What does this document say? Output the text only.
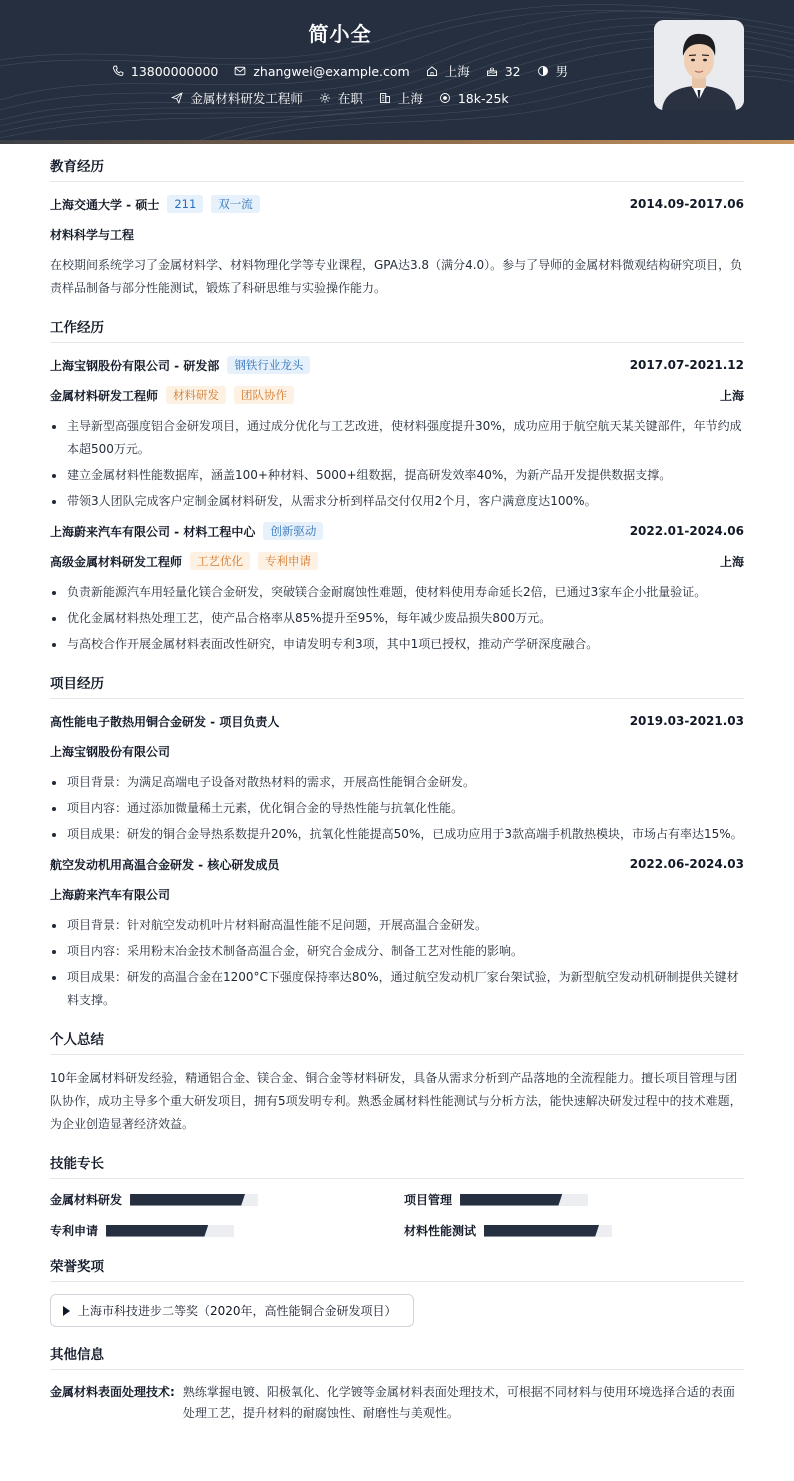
简小全
13800000000
	zhangwei@example.com
	上海
	32
	男
金属材料研发工程师
	在职
	上海
	18k-25k
教育经历
上海交通大学 - 硕士	211	双一流	2014.09-2017.06
材料科学与工程
在校期间系统学习了金属材料学、材料物理化学等专业课程，GPA达3.8（满分4.0）。参与了导师的金属材料微观结构研究项目，负责样品制备与部分性能测试，锻炼了科研思维与实验操作能力。
工作经历
上海宝钢股份有限公司 - 研发部	钢铁行业龙头	2017.07-2021.12
金属材料研发工程师	材料研发	团队协作	上海
主导新型高强度铝合金研发项目，通过成分优化与工艺改进，使材料强度提升30%，成功应用于航空航天某关键部件，年节约成本超500万元。
建立金属材料性能数据库，涵盖100+种材料、5000+组数据，提高研发效率40%，为新产品开发提供数据支撑。
带领3人团队完成客户定制金属材料研发，从需求分析到样品交付仅用2个月，客户满意度达100%。
上海蔚来汽车有限公司 - 材料工程中心	创新驱动	2022.01-2024.06
高级金属材料研发工程师	工艺优化	专利申请	上海
负责新能源汽车用轻量化镁合金研发，突破镁合金耐腐蚀性难题，使材料使用寿命延长2倍，已通过3家车企小批量验证。
优化金属材料热处理工艺，使产品合格率从85%提升至95%，每年减少废品损失800万元。
与高校合作开展金属材料表面改性研究，申请发明专利3项，其中1项已授权，推动产学研深度融合。
项目经历
高性能电子散热用铜合金研发 - 项目负责人	2019.03-2021.03
上海宝钢股份有限公司
项目背景：为满足高端电子设备对散热材料的需求，开展高性能铜合金研发。
项目内容：通过添加微量稀土元素，优化铜合金的导热性能与抗氧化性能。
项目成果：研发的铜合金导热系数提升20%，抗氧化性能提高50%，已成功应用于3款高端手机散热模块，市场占有率达15%。
航空发动机用高温合金研发 - 核心研发成员	2022.06-2024.03
上海蔚来汽车有限公司
项目背景：针对航空发动机叶片材料耐高温性能不足问题，开展高温合金研发。
项目内容：采用粉末冶金技术制备高温合金，研究合金成分、制备工艺对性能的影响。
项目成果：研发的高温合金在1200°C下强度保持率达80%，通过航空发动机厂家台架试验，为新型航空发动机研制提供关键材料支撑。
个人总结
10年金属材料研发经验，精通铝合金、镁合金、铜合金等材料研发，具备从需求分析到产品落地的全流程能力。擅长项目管理与团队协作，成功主导多个重大研发项目，拥有5项发明专利。熟悉金属材料性能测试与分析方法，能快速解决研发过程中的技术难题，为企业创造显著经济效益。
技能专长
金属材料研发	项目管理
专利申请	材料性能测试
荣誉奖项
上海市科技进步二等奖（2020年，高性能铜合金研发项目）
其他信息
金属材料表面处理技术: 熟练掌握电镀、阳极氧化、化学镀等金属材料表面处理技术，可根据不同材料与使用环境选择合适的表面处理工艺，提升材料的耐腐蚀性、耐磨性与美观性。
